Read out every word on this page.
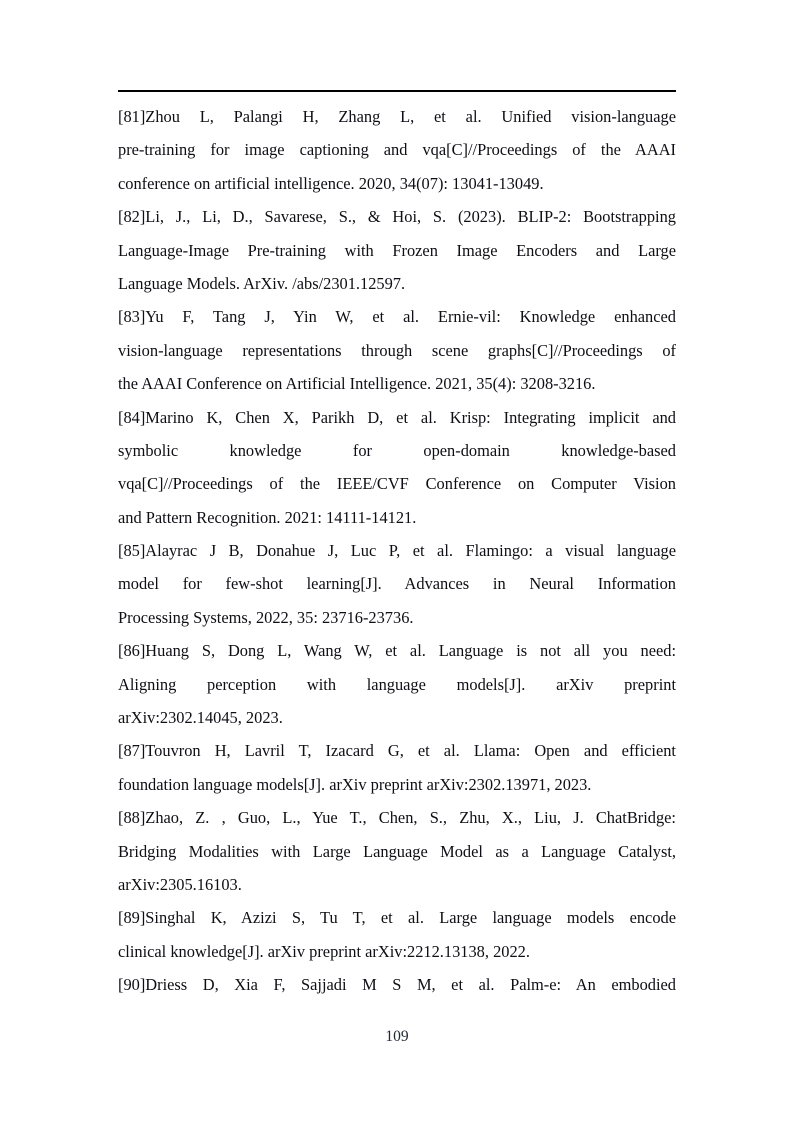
[81]Zhou L, Palangi H, Zhang L, et al. Unified vision-language
pre-training for image captioning and vqa[C]//Proceedings of the AAAI
conference on artificial intelligence. 2020, 34(07): 13041-13049.
[82]Li, J., Li, D., Savarese, S., & Hoi, S. (2023). BLIP-2: Bootstrapping
Language-Image Pre-training with Frozen Image Encoders and Large
Language Models. ArXiv. /abs/2301.12597.
[83]Yu F, Tang J, Yin W, et al. Ernie-vil: Knowledge enhanced
vision-language representations through scene graphs[C]//Proceedings of
the AAAI Conference on Artificial Intelligence. 2021, 35(4): 3208-3216.
[84]Marino K, Chen X, Parikh D, et al. Krisp: Integrating implicit and
symbolic knowledge for open-domain knowledge-based
vqa[C]//Proceedings of the IEEE/CVF Conference on Computer Vision
and Pattern Recognition. 2021: 14111-14121.
[85]Alayrac J B, Donahue J, Luc P, et al. Flamingo: a visual language
model for few-shot learning[J]. Advances in Neural Information
Processing Systems, 2022, 35: 23716-23736.
[86]Huang S, Dong L, Wang W, et al. Language is not all you need:
Aligning perception with language models[J]. arXiv preprint
arXiv:2302.14045, 2023.
[87]Touvron H, Lavril T, Izacard G, et al. Llama: Open and efficient
foundation language models[J]. arXiv preprint arXiv:2302.13971, 2023.
[88]Zhao, Z. , Guo, L., Yue T., Chen, S., Zhu, X., Liu, J. ChatBridge:
Bridging Modalities with Large Language Model as a Language Catalyst,
arXiv:2305.16103.
[89]Singhal K, Azizi S, Tu T, et al. Large language models encode
clinical knowledge[J]. arXiv preprint arXiv:2212.13138, 2022.
[90]Driess D, Xia F, Sajjadi M S M, et al. Palm-e: An embodied
109
